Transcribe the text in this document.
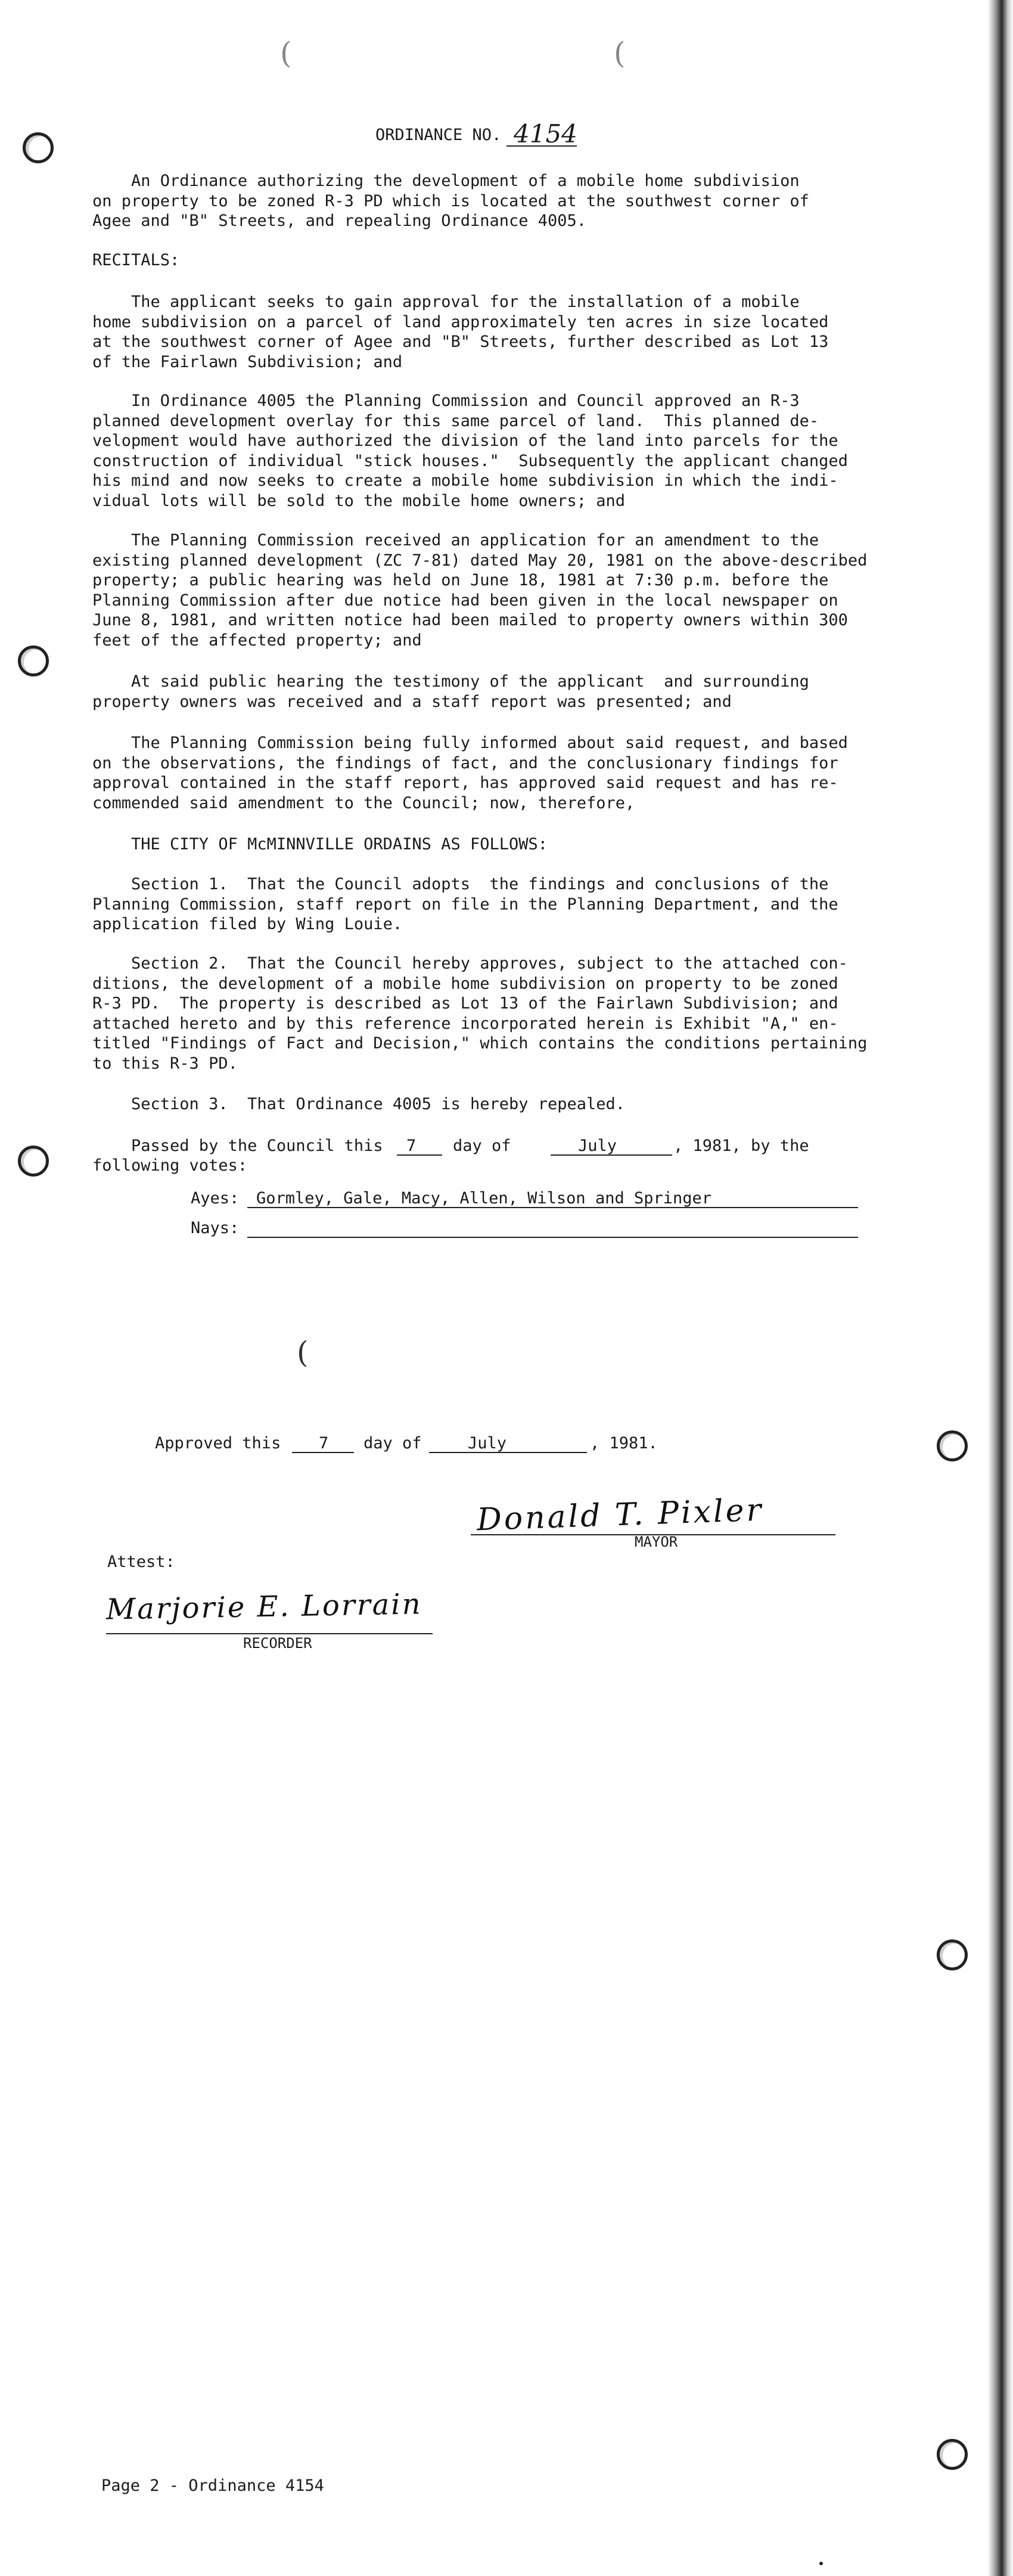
(	(
(
ORDINANCE NO. 4154
An Ordinance authorizing the development of a mobile home subdivision
on property to be zoned R-3 PD which is located at the southwest corner of
Agee and "B" Streets, and repealing Ordinance 4005.
RECITALS:
The applicant seeks to gain approval for the installation of a mobile
home subdivision on a parcel of land approximately ten acres in size located
at the southwest corner of Agee and "B" Streets, further described as Lot 13
of the Fairlawn Subdivision; and
In Ordinance 4005 the Planning Commission and Council approved an R-3
planned development overlay for this same parcel of land.  This planned de-
velopment would have authorized the division of the land into parcels for the
construction of individual "stick houses."  Subsequently the applicant changed
his mind and now seeks to create a mobile home subdivision in which the indi-
vidual lots will be sold to the mobile home owners; and
The Planning Commission received an application for an amendment to the
existing planned development (ZC 7-81) dated May 20, 1981 on the above-described
property; a public hearing was held on June 18, 1981 at 7:30 p.m. before the
Planning Commission after due notice had been given in the local newspaper on
June 8, 1981, and written notice had been mailed to property owners within 300
feet of the affected property; and
At said public hearing the testimony of the applicant  and surrounding
property owners was received and a staff report was presented; and
The Planning Commission being fully informed about said request, and based
on the observations, the findings of fact, and the conclusionary findings for
approval contained in the staff report, has approved said request and has re-
commended said amendment to the Council; now, therefore,
THE CITY OF McMINNVILLE ORDAINS AS FOLLOWS:
Section 1.  That the Council adopts  the findings and conclusions of the
Planning Commission, staff report on file in the Planning Department, and the
application filed by Wing Louie.
Section 2.  That the Council hereby approves, subject to the attached con-
ditions, the development of a mobile home subdivision on property to be zoned
R-3 PD.  The property is described as Lot 13 of the Fairlawn Subdivision; and
attached hereto and by this reference incorporated herein is Exhibit "A," en-
titled "Findings of Fact and Decision," which contains the conditions pertaining
to this R-3 PD.
Section 3.  That Ordinance 4005 is hereby repealed.
Passed by the Council this 7 day of	July	, 1981, by the
following votes:
Ayes: Gormley, Gale, Macy, Allen, Wilson and Springer
Nays:
Approved this 7 day of	July	, 1981.
Donald T. Pixler
MAYOR
Attest:
Marjorie E. Lorrain
RECORDER
Page 2 - Ordinance 4154
